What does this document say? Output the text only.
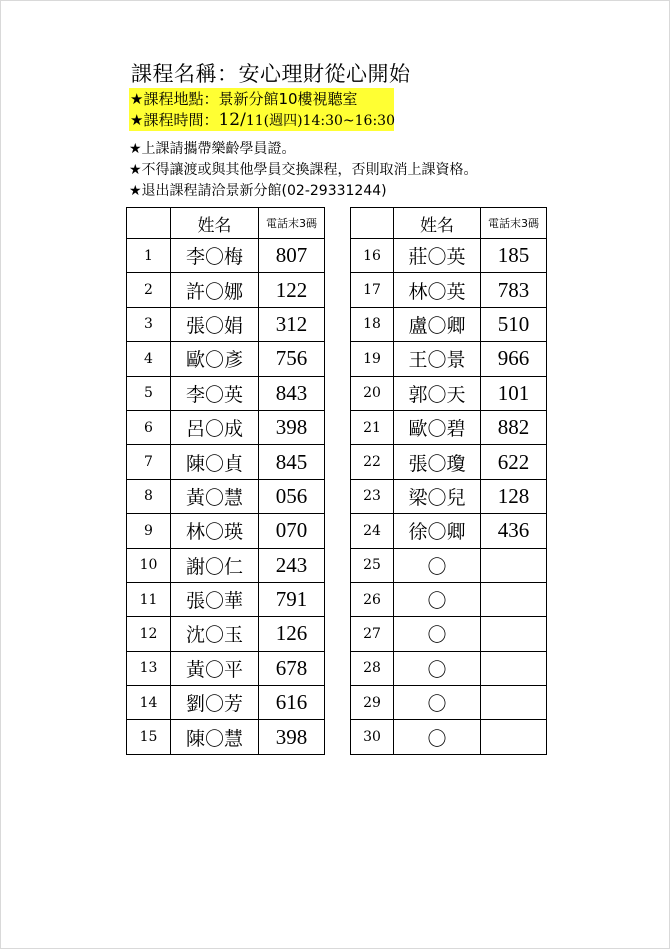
課程名稱：安心理財從心開始
★課程地點：景新分館10樓視聽室
★課程時間：12/11(週四)14:30~16:30
★上課請攜帶樂齡學員證。
★不得讓渡或與其他學員交換課程，否則取消上課資格。
★退出課程請洽景新分館(02-29331244)
	姓名	電話末3碼
1	李〇梅	807
2	許〇娜	122
3	張〇娟	312
4	歐〇彥	756
5	李〇英	843
6	呂〇成	398
7	陳〇貞	845
8	黃〇慧	056
9	林〇瑛	070
10	謝〇仁	243
11	張〇華	791
12	沈〇玉	126
13	黃〇平	678
14	劉〇芳	616
15	陳〇慧	398
	姓名	電話末3碼
16	莊〇英	185
17	林〇英	783
18	盧〇卿	510
19	王〇景	966
20	郭〇天	101
21	歐〇碧	882
22	張〇瓊	622
23	梁〇兒	128
24	徐〇卿	436
25	〇	
26	〇	
27	〇	
28	〇	
29	〇	
30	〇	
